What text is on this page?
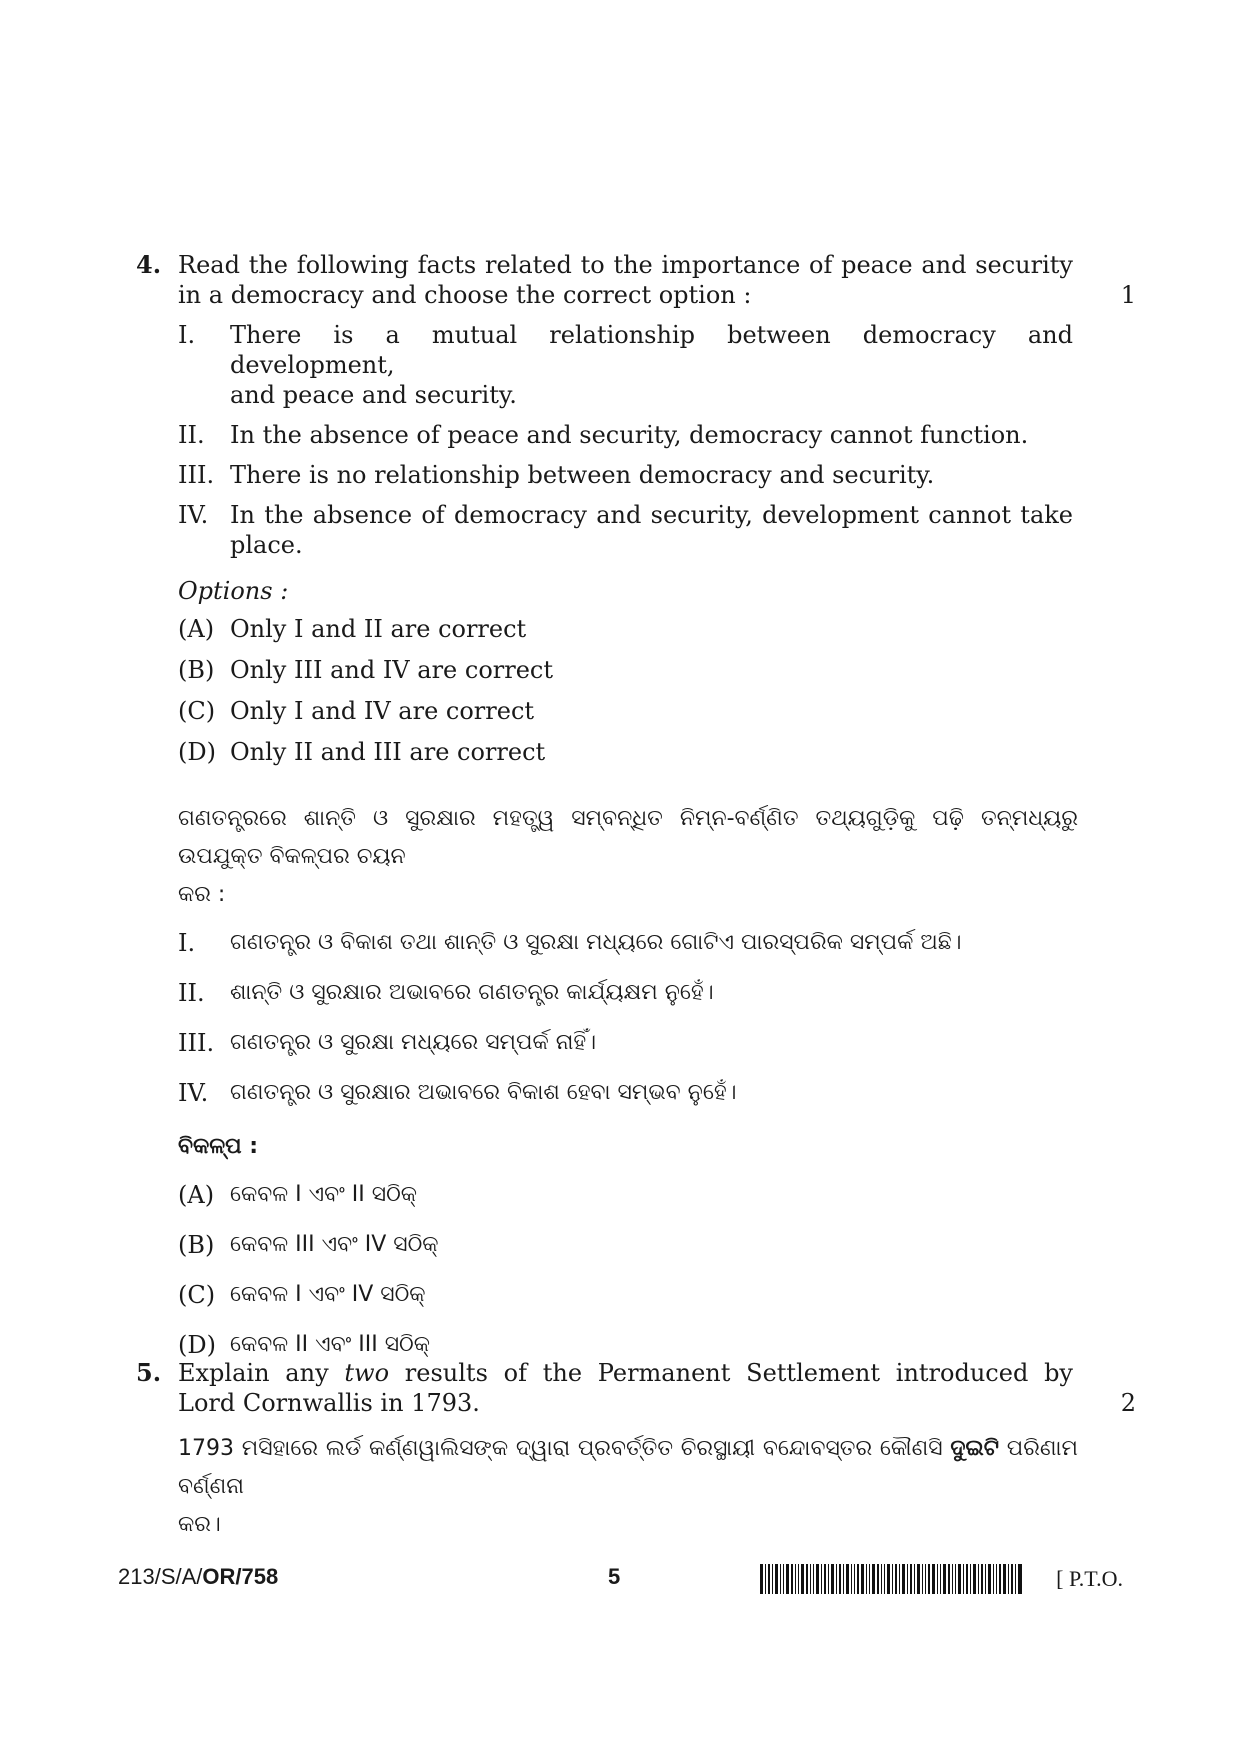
4. Read the following facts related to the importance of peace and security
in a democracy and choose the correct option :	1
I. There is a mutual relationship between democracy and development,
and peace and security.
II. In the absence of peace and security, democracy cannot function.
III. There is no relationship between democracy and security.
IV. In the absence of democracy and security, development cannot take
place.
Options :
(A) Only I and II are correct
(B) Only III and IV are correct
(C) Only I and IV are correct
(D) Only II and III are correct
ଗଣତନ୍ତ୍ରରେ ଶାନ୍ତି ଓ ସୁରକ୍ଷାର ମହତ୍ତ୍ୱ ସମ୍ବନ୍ଧିତ ନିମ୍ନ-ବର୍ଣ୍ଣିତ ତଥ୍ୟଗୁଡ଼ିକୁ ପଢ଼ି ତନ୍ମଧ୍ୟରୁ ଉପଯୁକ୍ତ ବିକଳ୍ପର ଚୟନ
କର :
I. ଗଣତନ୍ତ୍ର ଓ ବିକାଶ ତଥା ଶାନ୍ତି ଓ ସୁରକ୍ଷା ମଧ୍ୟରେ ଗୋଟିଏ ପାରସ୍ପରିକ ସମ୍ପର୍କ ଅଛି।
II. ଶାନ୍ତି ଓ ସୁରକ୍ଷାର ଅଭାବରେ ଗଣତନ୍ତ୍ର କାର୍ଯ୍ୟକ୍ଷମ ନୁହେଁ।
III. ଗଣତନ୍ତ୍ର ଓ ସୁରକ୍ଷା ମଧ୍ୟରେ ସମ୍ପର୍କ ନାହିଁ।
IV. ଗଣତନ୍ତ୍ର ଓ ସୁରକ୍ଷାର ଅଭାବରେ ବିକାଶ ହେବା ସମ୍ଭବ ନୁହେଁ।
ବିକଳ୍ପ :
(A) କେବଳ I ଏବଂ II ସଠିକ୍
(B) କେବଳ III ଏବଂ IV ସଠିକ୍
(C) କେବଳ I ଏବଂ IV ସଠିକ୍
(D) କେବଳ II ଏବଂ III ସଠିକ୍
5. Explain any two results of the Permanent Settlement introduced by
Lord Cornwallis in 1793.	2
1793 ମସିହାରେ ଲର୍ଡ କର୍ଣ୍ଣୱାଲିସଙ୍କ ଦ୍ୱାରା ପ୍ରବର୍ତ୍ତିତ ଚିରସ୍ଥାୟୀ ବନ୍ଦୋବସ୍ତର କୌଣସି ଦୁଇଟି ପରିଣାମ ବର୍ଣ୍ଣନା
କର।
213/S/A/OR/758	5	[ P.T.O.
